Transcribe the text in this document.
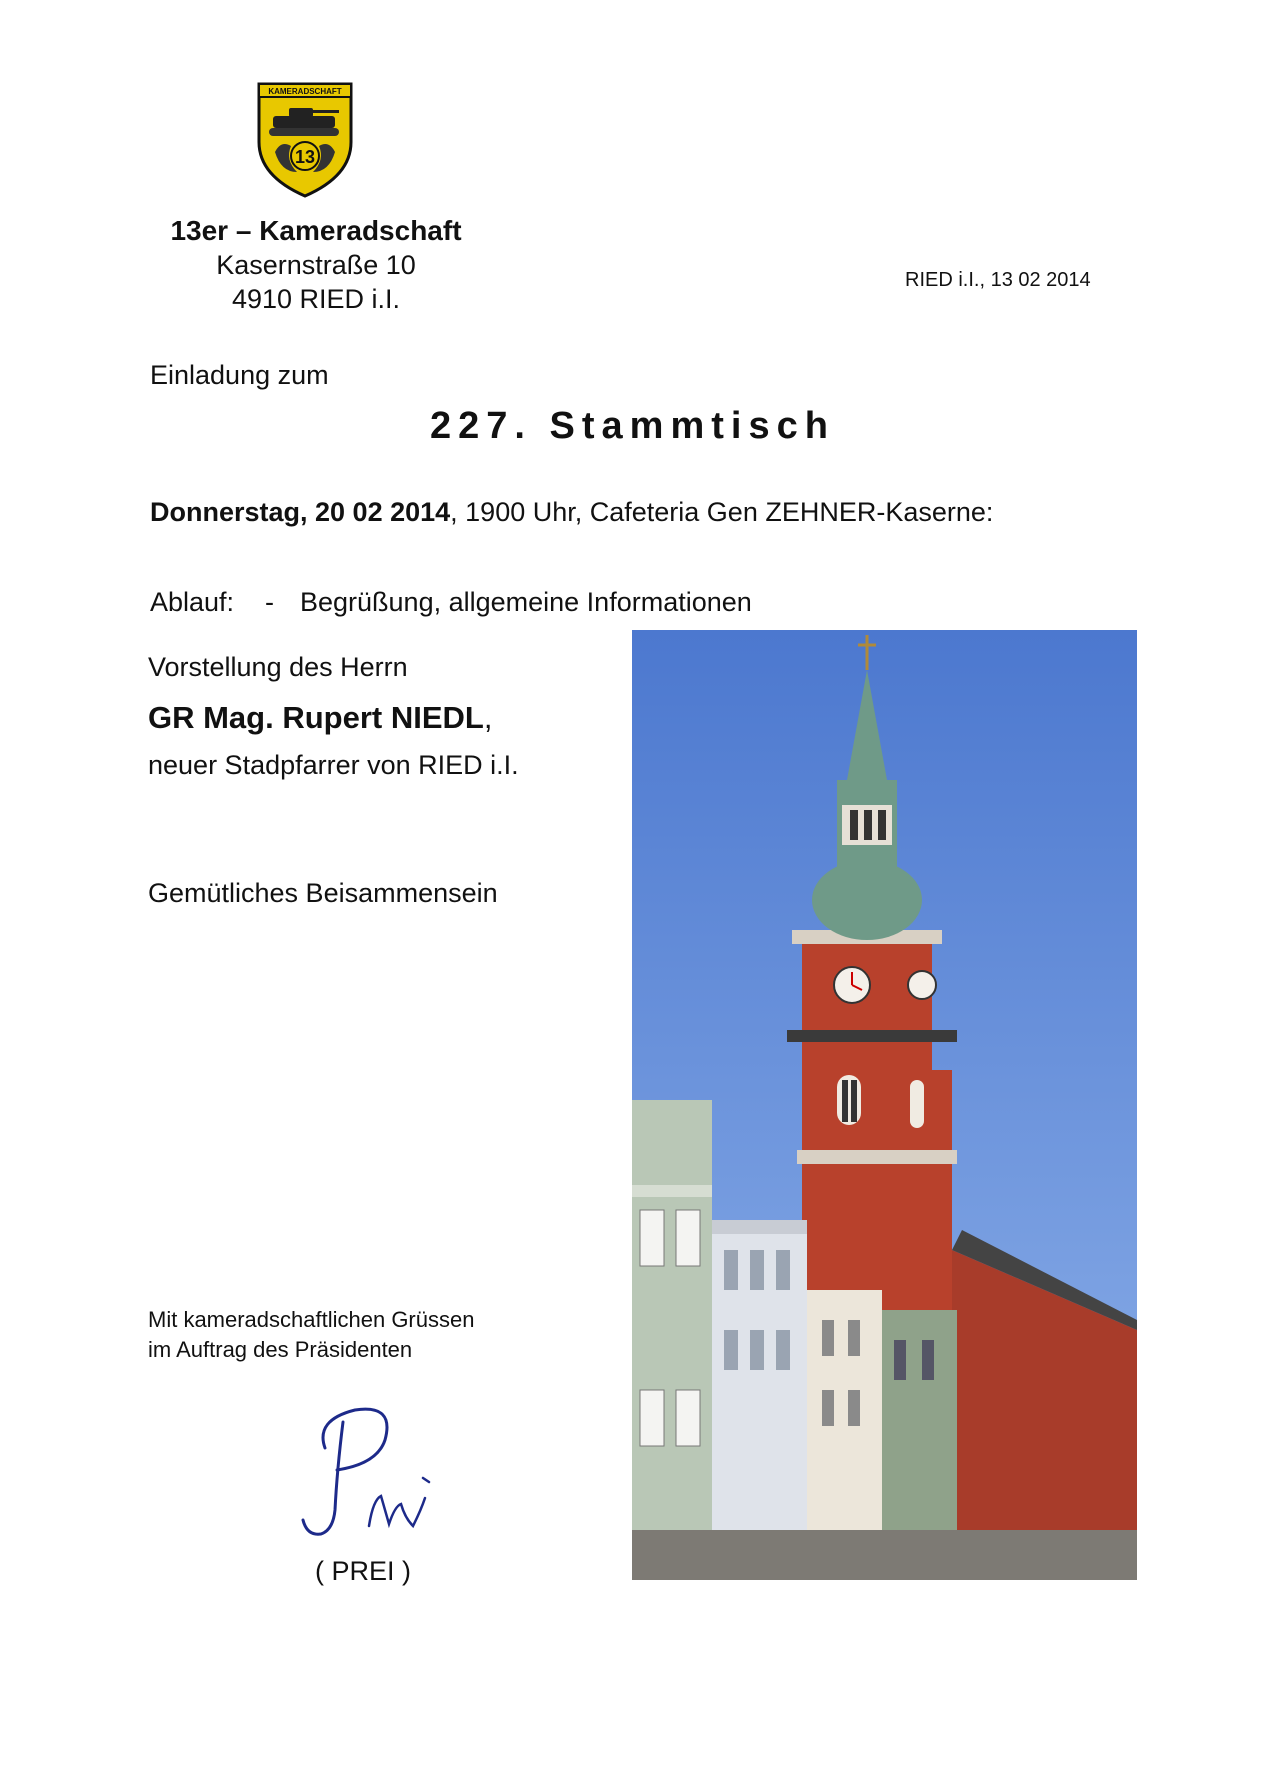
KAMERADSCHAFT
13
13er – Kameradschaft
Kasernstraße 10
4910 RIED i.I.
RIED i.I., 13 02 2014
Einladung zum
227. Stammtisch
Donnerstag, 20 02 2014, 1900 Uhr, Cafeteria Gen ZEHNER-Kaserne:
Ablauf: - Begrüßung, allgemeine Informationen
Vorstellung des Herrn
GR Mag. Rupert NIEDL,
neuer Stadpfarrer von RIED i.I.
Gemütliches Beisammensein
Mit kameradschaftlichen Grüssen
im Auftrag des Präsidenten
( PREI )
